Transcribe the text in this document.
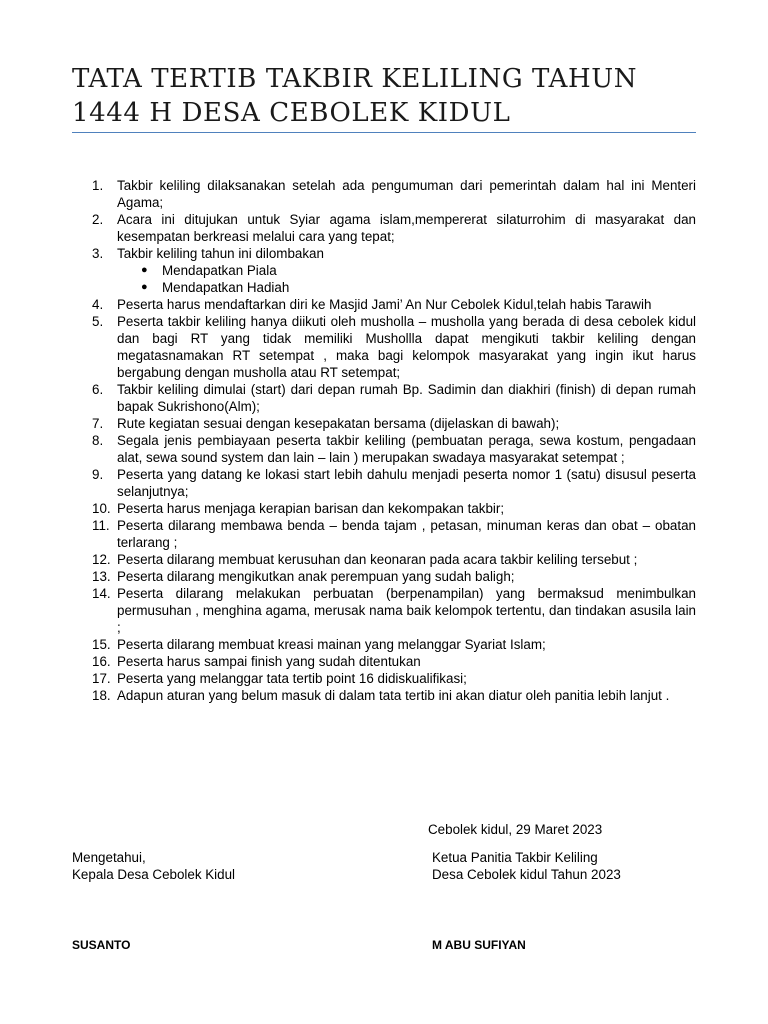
TATA TERTIB TAKBIR KELILING TAHUN
1444 H DESA CEBOLEK KIDUL
1.	Takbir keliling dilaksanakan setelah ada pengumuman dari pemerintah dalam hal ini Menteri Agama;
2.	Acara ini ditujukan untuk Syiar agama islam,mempererat silaturrohim di masyarakat dan kesempatan berkreasi melalui cara yang tepat;
3.	Takbir keliling tahun ini dilombakan
● Mendapatkan Piala
● Mendapatkan Hadiah
4.	Peserta harus mendaftarkan diri ke Masjid Jami’ An Nur Cebolek Kidul,telah habis Tarawih
5.	Peserta takbir keliling hanya diikuti oleh musholla – musholla yang berada di desa cebolek kidul dan bagi RT yang tidak memiliki Mushollla dapat mengikuti takbir keliling dengan megatasnamakan RT setempat , maka bagi kelompok masyarakat yang ingin ikut harus bergabung dengan musholla atau RT setempat;
6.	Takbir keliling dimulai (start) dari depan rumah Bp. Sadimin dan diakhiri (finish) di depan rumah bapak Sukrishono(Alm);
7.	Rute kegiatan sesuai dengan kesepakatan bersama (dijelaskan di bawah);
8.	Segala jenis pembiayaan peserta takbir keliling (pembuatan peraga, sewa kostum, pengadaan alat, sewa sound system dan lain – lain ) merupakan swadaya masyarakat setempat ;
9.	Peserta yang datang ke lokasi start lebih dahulu menjadi peserta nomor 1 (satu) disusul peserta selanjutnya;
10. Peserta harus menjaga kerapian barisan dan kekompakan takbir;
11. Peserta dilarang membawa benda – benda tajam , petasan, minuman keras dan obat – obatan terlarang ;
12. Peserta dilarang membuat kerusuhan dan keonaran pada acara takbir keliling tersebut ;
13. Peserta dilarang mengikutkan anak perempuan yang sudah baligh;
14. Peserta dilarang melakukan perbuatan (berpenampilan) yang bermaksud menimbulkan permusuhan , menghina agama, merusak nama baik kelompok tertentu, dan tindakan asusila lain ;
15. Peserta dilarang membuat kreasi mainan yang melanggar Syariat Islam;
16. Peserta harus sampai finish yang sudah ditentukan
17. Peserta yang melanggar tata tertib point 16 didiskualifikasi;
18. Adapun aturan yang belum masuk di dalam tata tertib ini akan diatur oleh panitia lebih lanjut .
Cebolek kidul, 29 Maret 2023
Mengetahui,
Kepala Desa Cebolek Kidul
Ketua Panitia Takbir Keliling
Desa Cebolek kidul Tahun 2023
SUSANTO	M ABU SUFIYAN
